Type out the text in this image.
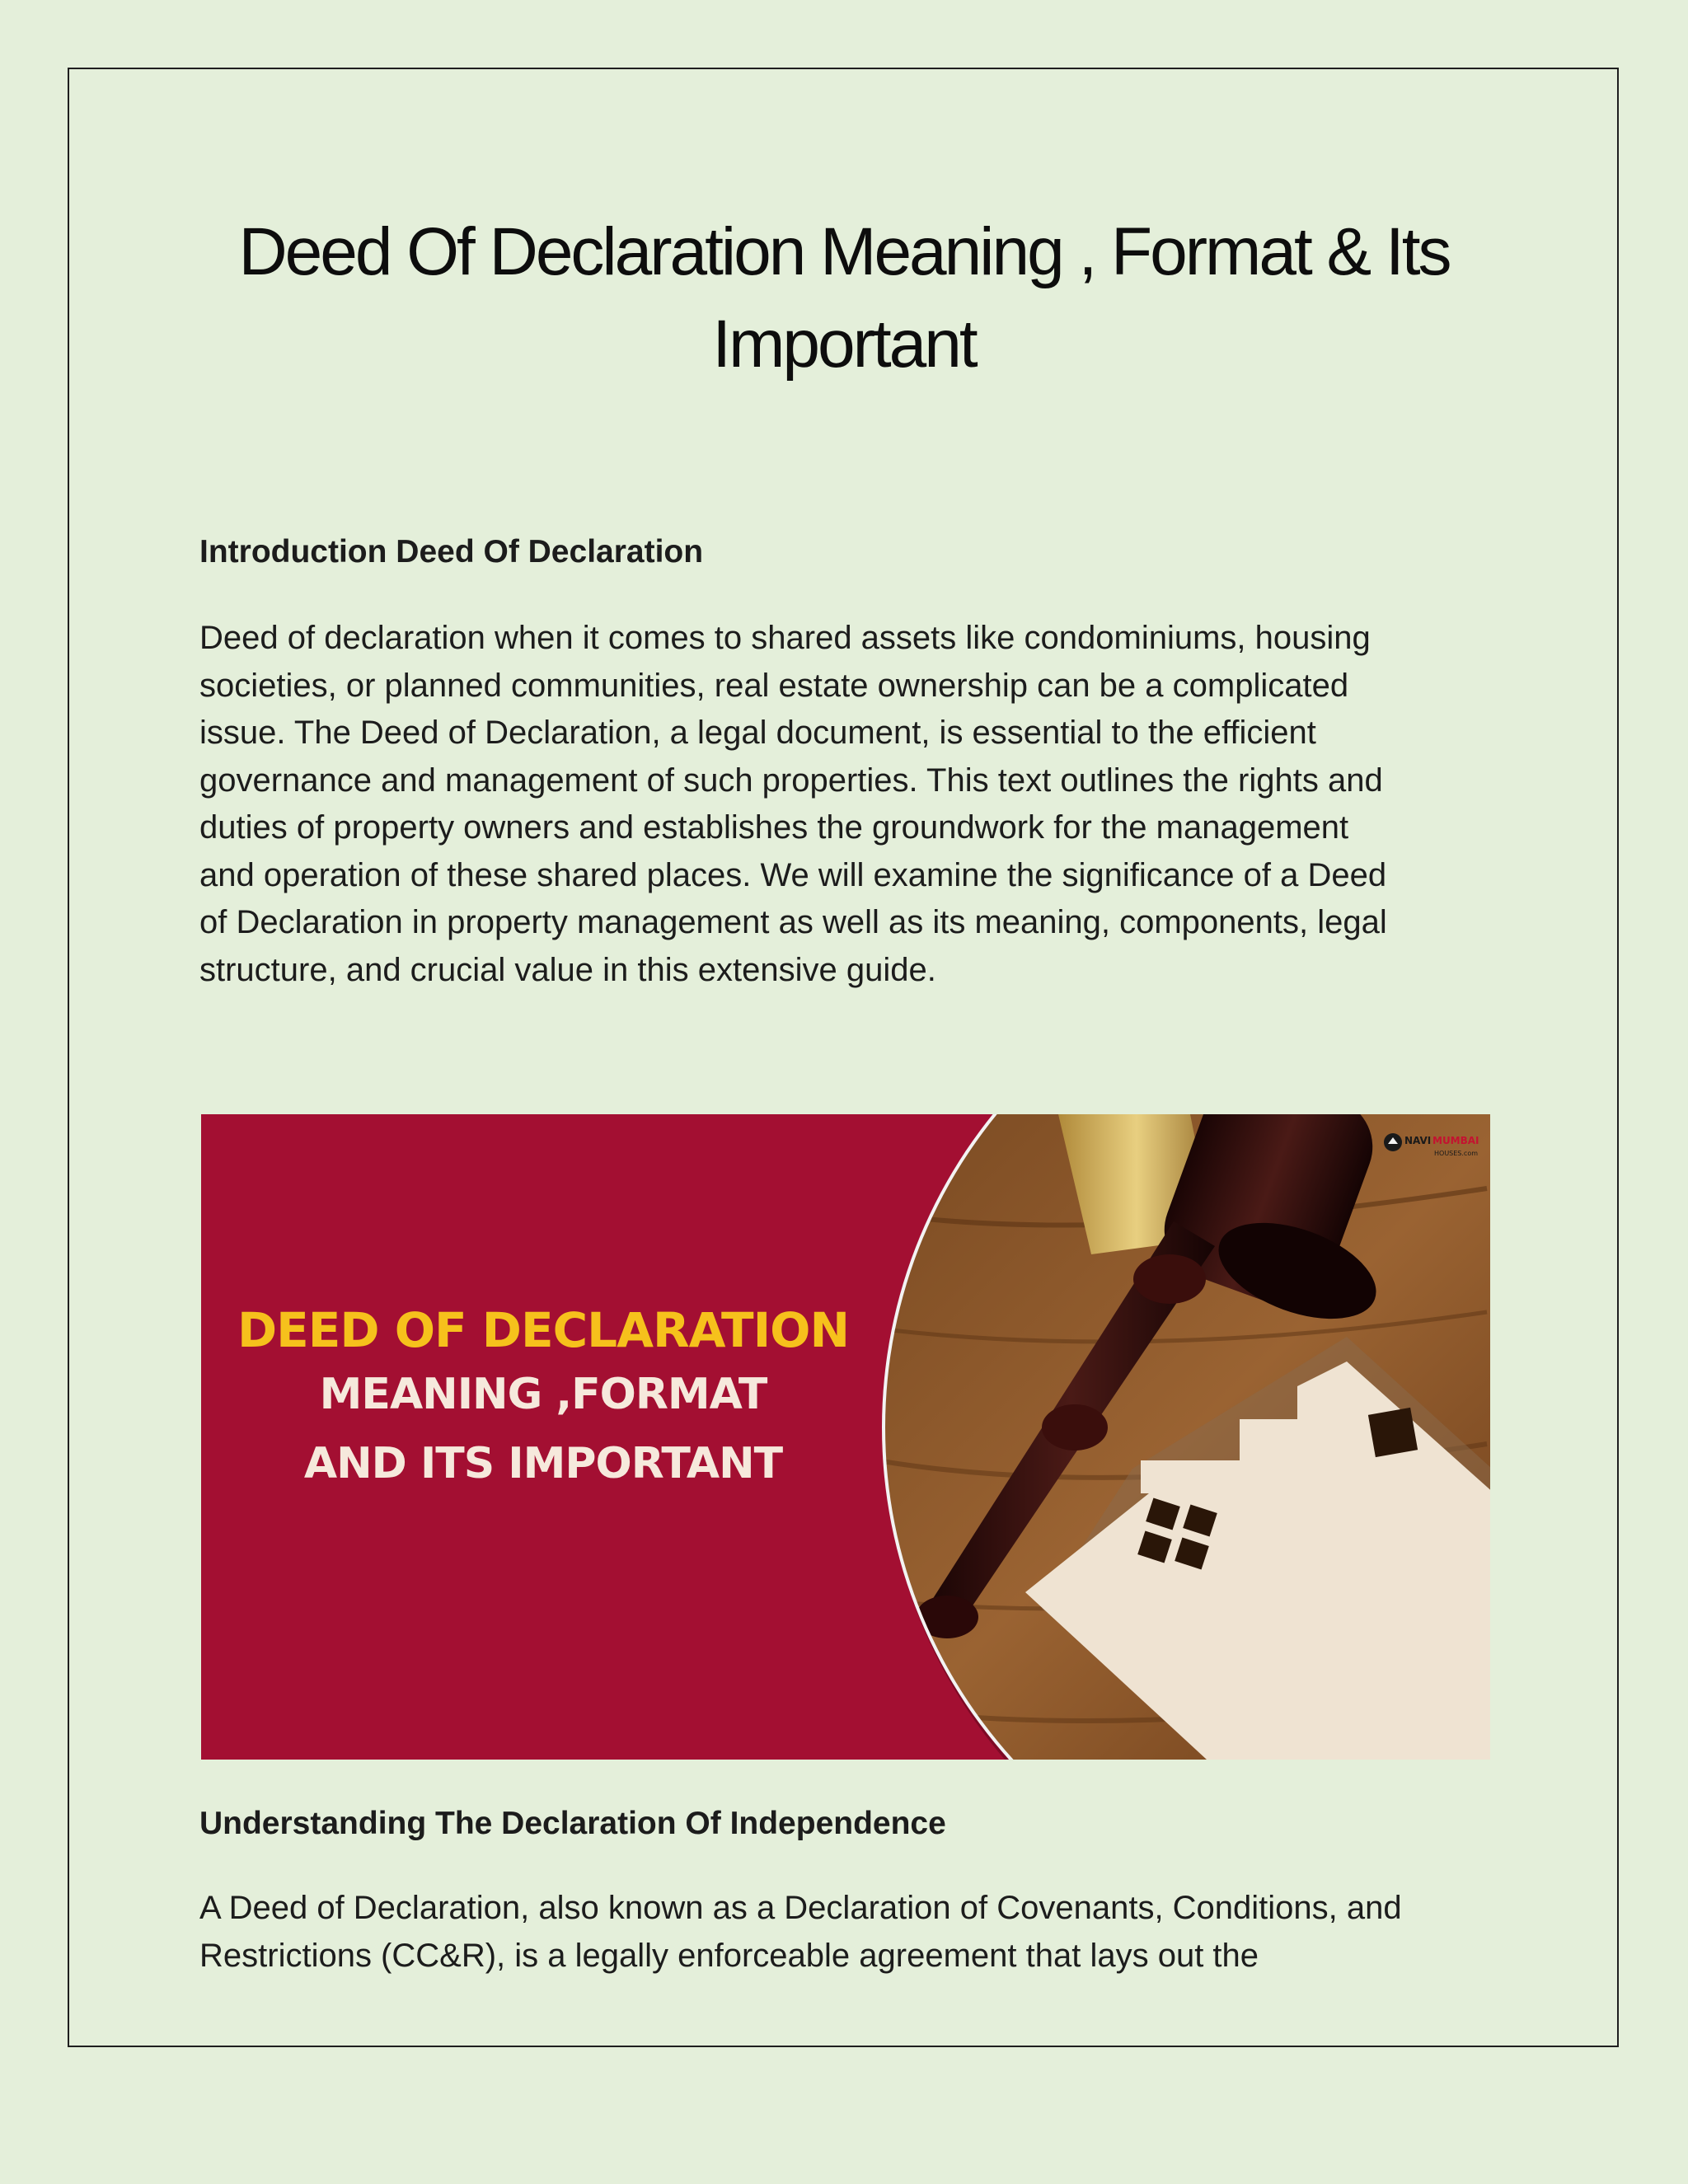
Deed Of Declaration Meaning , Format & Its
Important
Introduction Deed Of Declaration

Deed of declaration when it comes to shared assets like condominiums, housing
societies, or planned communities, real estate ownership can be a complicated
issue. The Deed of Declaration, a legal document, is essential to the efficient
governance and management of such properties. This text outlines the rights and
duties of property owners and establishes the groundwork for the management
and operation of these shared places. We will examine the significance of a Deed
of Declaration in property management as well as its meaning, components, legal
structure, and crucial value in this extensive guide.

DEED OF DECLARATION
MEANING ,FORMAT
AND ITS IMPORTANT
NAVI MUMBAI
HOUSES.com
Understanding The Declaration Of Independence

A Deed of Declaration, also known as a Declaration of Covenants, Conditions, and
Restrictions (CC&R), is a legally enforceable agreement that lays out the
